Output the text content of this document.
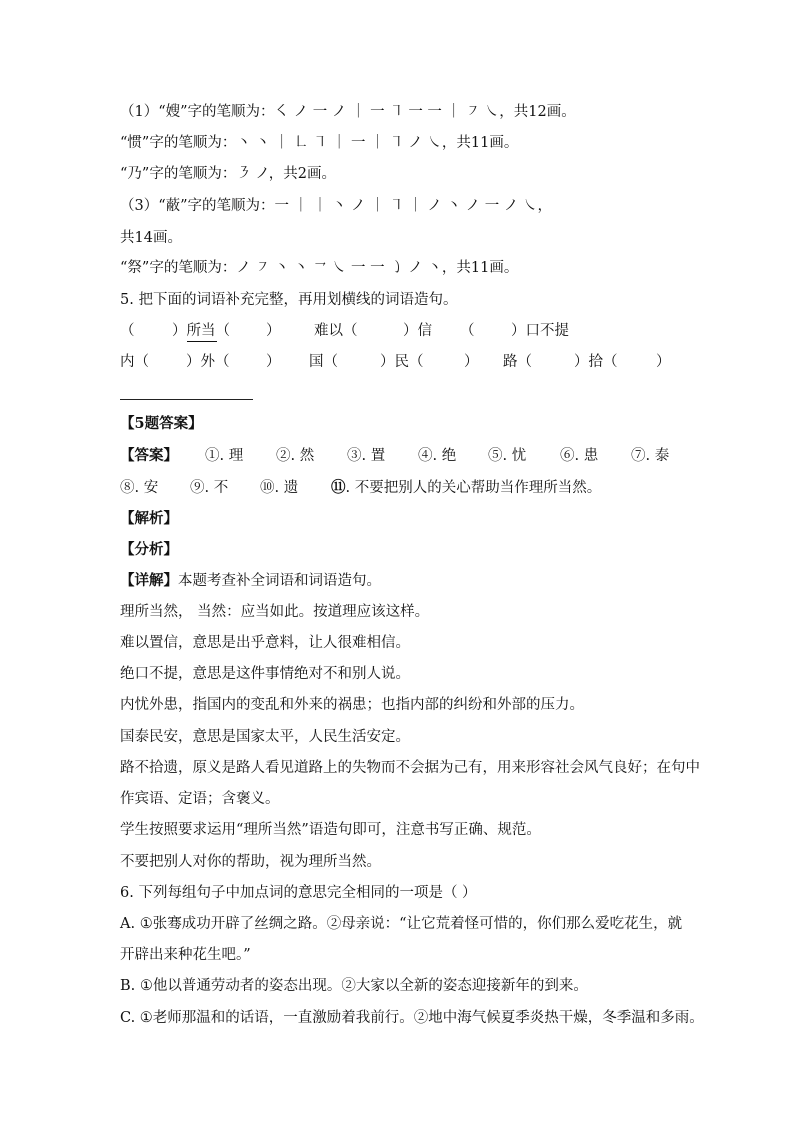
（1）“嫂”字的笔顺为：㇛ ノ 一 ノ ｜ 一 ㇕ 一 一 ｜ ㇇ ㇏，共12画。
“惯”字的笔顺为：丶 丶 ｜ ㇗ ㇕ ｜ 一 ｜ ㇕ ノ ㇏，共11画。
“乃”字的笔顺为：㇋ ノ，共2画。
（3）“蔽”字的笔顺为：一 ｜ ｜ 丶 ノ ｜ ㇕ ｜ ノ 丶 ノ 一 ノ ㇏，
共14画。
“祭”字的笔顺为：ノ ㇇ 丶 丶 ㇖ ㇏ 一 一 ㇁ ノ 丶，共11画。
5. 把下面的词语补充完整，再用划横线的词语造句。
（	）所当（ ） 难以（	）信 （	）口不提
内（	）外（	） 国（	）民（	） 路（	）拾（	）
【5题答案】
【答案】 ①. 理 ②. 然 ③. 置 ④. 绝 ⑤. 忧 ⑥. 患 ⑦. 泰
⑧. 安 ⑨. 不 ⑩. 遗 ⑪. 不要把别人的关心帮助当作理所当然。
【解析】
【分析】
【详解】本题考查补全词语和词语造句。
理所当然， 当然：应当如此。按道理应该这样。
难以置信，意思是出乎意料，让人很难相信。
绝口不提，意思是这件事情绝对不和别人说。
内忧外患，指国内的变乱和外来的祸患；也指内部的纠纷和外部的压力。
国泰民安，意思是国家太平，人民生活安定。
路不拾遗，原义是路人看见道路上的失物而不会据为己有，用来形容社会风气良好；在句中
作宾语、定语；含褒义。
学生按照要求运用“理所当然”语造句即可，注意书写正确、规范。
不要把别人对你的帮助，视为理所当然。
6. 下列每组句子中加点词的意思完全相同的一项是（ ）
A. ①张骞成功开辟了丝绸之路。②母亲说：“让它荒着怪可惜的，你们那么爱吃花生，就
开辟出来种花生吧。”
B. ①他以普通劳动者的姿态出现。②大家以全新的姿态迎接新年的到来。
C. ①老师那温和的话语，一直激励着我前行。②地中海气候夏季炎热干燥，冬季温和多雨。
